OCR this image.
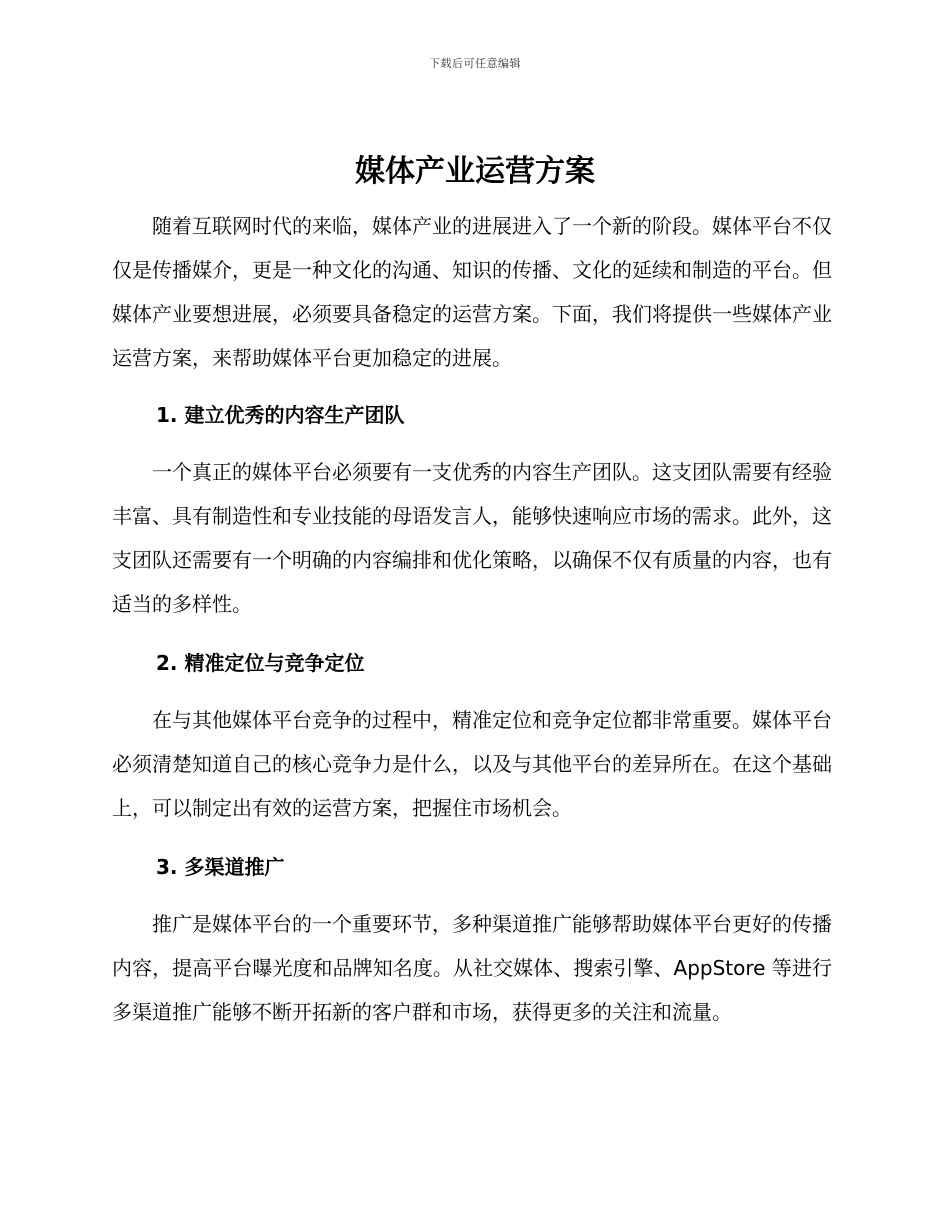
下载后可任意编辑
媒体产业运营方案

随着互联网时代的来临，媒体产业的进展进入了一个新的阶段。媒体平台不仅仅是传播媒介，更是一种文化的沟通、知识的传播、文化的延续和制造的平台。但媒体产业要想进展，必须要具备稳定的运营方案。下面，我们将提供一些媒体产业运营方案，来帮助媒体平台更加稳定的进展。

1. 建立优秀的内容生产团队

一个真正的媒体平台必须要有一支优秀的内容生产团队。这支团队需要有经验丰富、具有制造性和专业技能的母语发言人，能够快速响应市场的需求。此外，这支团队还需要有一个明确的内容编排和优化策略，以确保不仅有质量的内容，也有适当的多样性。

2. 精准定位与竞争定位

在与其他媒体平台竞争的过程中，精准定位和竞争定位都非常重要。媒体平台必须清楚知道自己的核心竞争力是什么，以及与其他平台的差异所在。在这个基础上，可以制定出有效的运营方案，把握住市场机会。

3. 多渠道推广

推广是媒体平台的一个重要环节，多种渠道推广能够帮助媒体平台更好的传播内容，提高平台曝光度和品牌知名度。从社交媒体、搜索引擎、AppStore 等进行多渠道推广能够不断开拓新的客户群和市场，获得更多的关注和流量。
